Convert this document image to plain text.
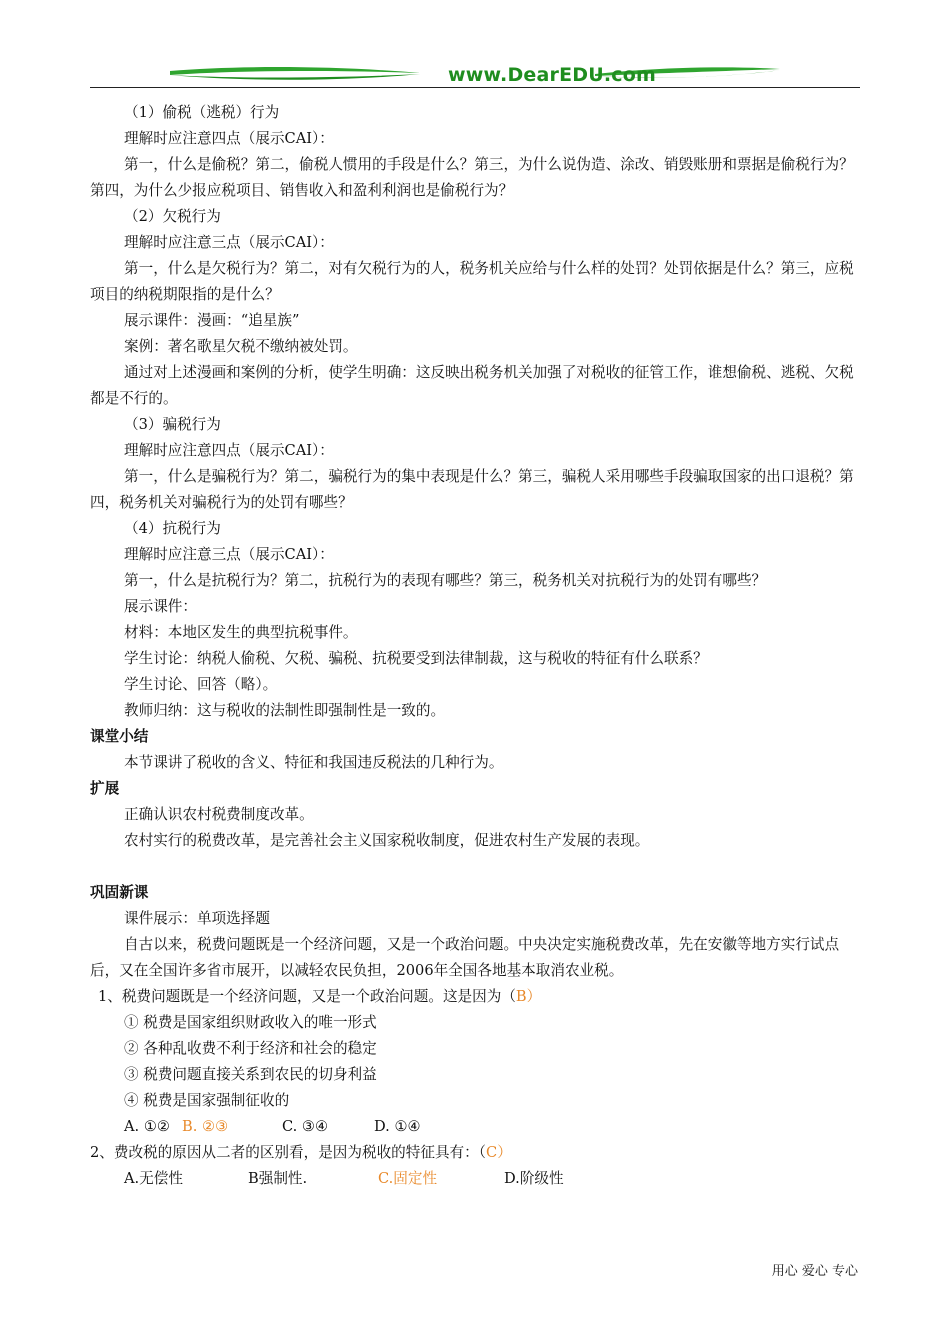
www.DearEDU.com
（1）偷税（逃税）行为
理解时应注意四点（展示CAI）：
第一，什么是偷税？第二，偷税人惯用的手段是什么？第三，为什么说伪造、涂改、销毁账册和票据是偷税行为？第四，为什么少报应税项目、销售收入和盈利利润也是偷税行为？
（2）欠税行为
理解时应注意三点（展示CAI）：
第一，什么是欠税行为？第二，对有欠税行为的人，税务机关应给与什么样的处罚？处罚依据是什么？第三，应税项目的纳税期限指的是什么？
展示课件：漫画：“追星族”
案例：著名歌星欠税不缴纳被处罚。
通过对上述漫画和案例的分析，使学生明确：这反映出税务机关加强了对税收的征管工作，谁想偷税、逃税、欠税都是不行的。
（3）骗税行为
理解时应注意四点（展示CAI）：
第一，什么是骗税行为？第二，骗税行为的集中表现是什么？第三，骗税人采用哪些手段骗取国家的出口退税？第四，税务机关对骗税行为的处罚有哪些？
（4）抗税行为
理解时应注意三点（展示CAI）：
第一，什么是抗税行为？第二，抗税行为的表现有哪些？第三，税务机关对抗税行为的处罚有哪些？
展示课件：
材料：本地区发生的典型抗税事件。
学生讨论：纳税人偷税、欠税、骗税、抗税要受到法律制裁，这与税收的特征有什么联系？
学生讨论、回答（略）。
教师归纳：这与税收的法制性即强制性是一致的。
课堂小结
本节课讲了税收的含义、特征和我国违反税法的几种行为。
扩展
正确认识农村税费制度改革。
农村实行的税费改革，是完善社会主义国家税收制度，促进农村生产发展的表现。
巩固新课
课件展示：单项选择题
自古以来，税费问题既是一个经济问题，又是一个政治问题。中央决定实施税费改革，先在安徽等地方实行试点后，又在全国许多省市展开，以减轻农民负担，2006年全国各地基本取消农业税。
1、税费问题既是一个经济问题，又是一个政治问题。这是因为（B）
① 税费是国家组织财政收入的唯一形式
② 各种乱收费不利于经济和社会的稳定
③ 税费问题直接关系到农民的切身利益
④ 税费是国家强制征收的
A. ①② B. ②③	C. ③④	D. ①④
2、费改税的原因从二者的区别看，是因为税收的特征具有：（C）
A.无偿性	B强制性.	C.固定性	D.阶级性
用心 爱心 专心
